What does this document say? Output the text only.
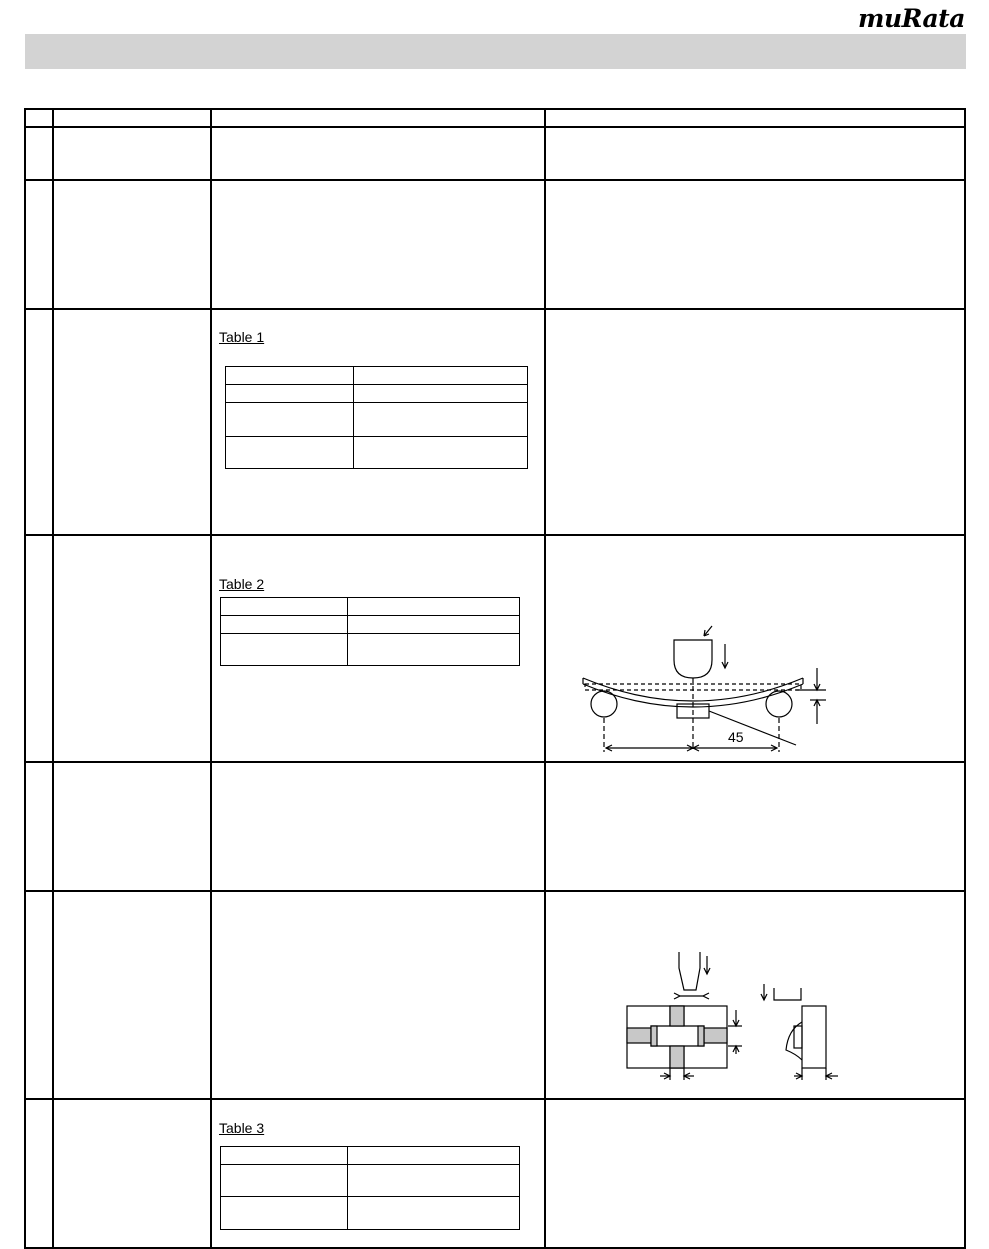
muRata
Table 1

Table 2

Table 3

45
